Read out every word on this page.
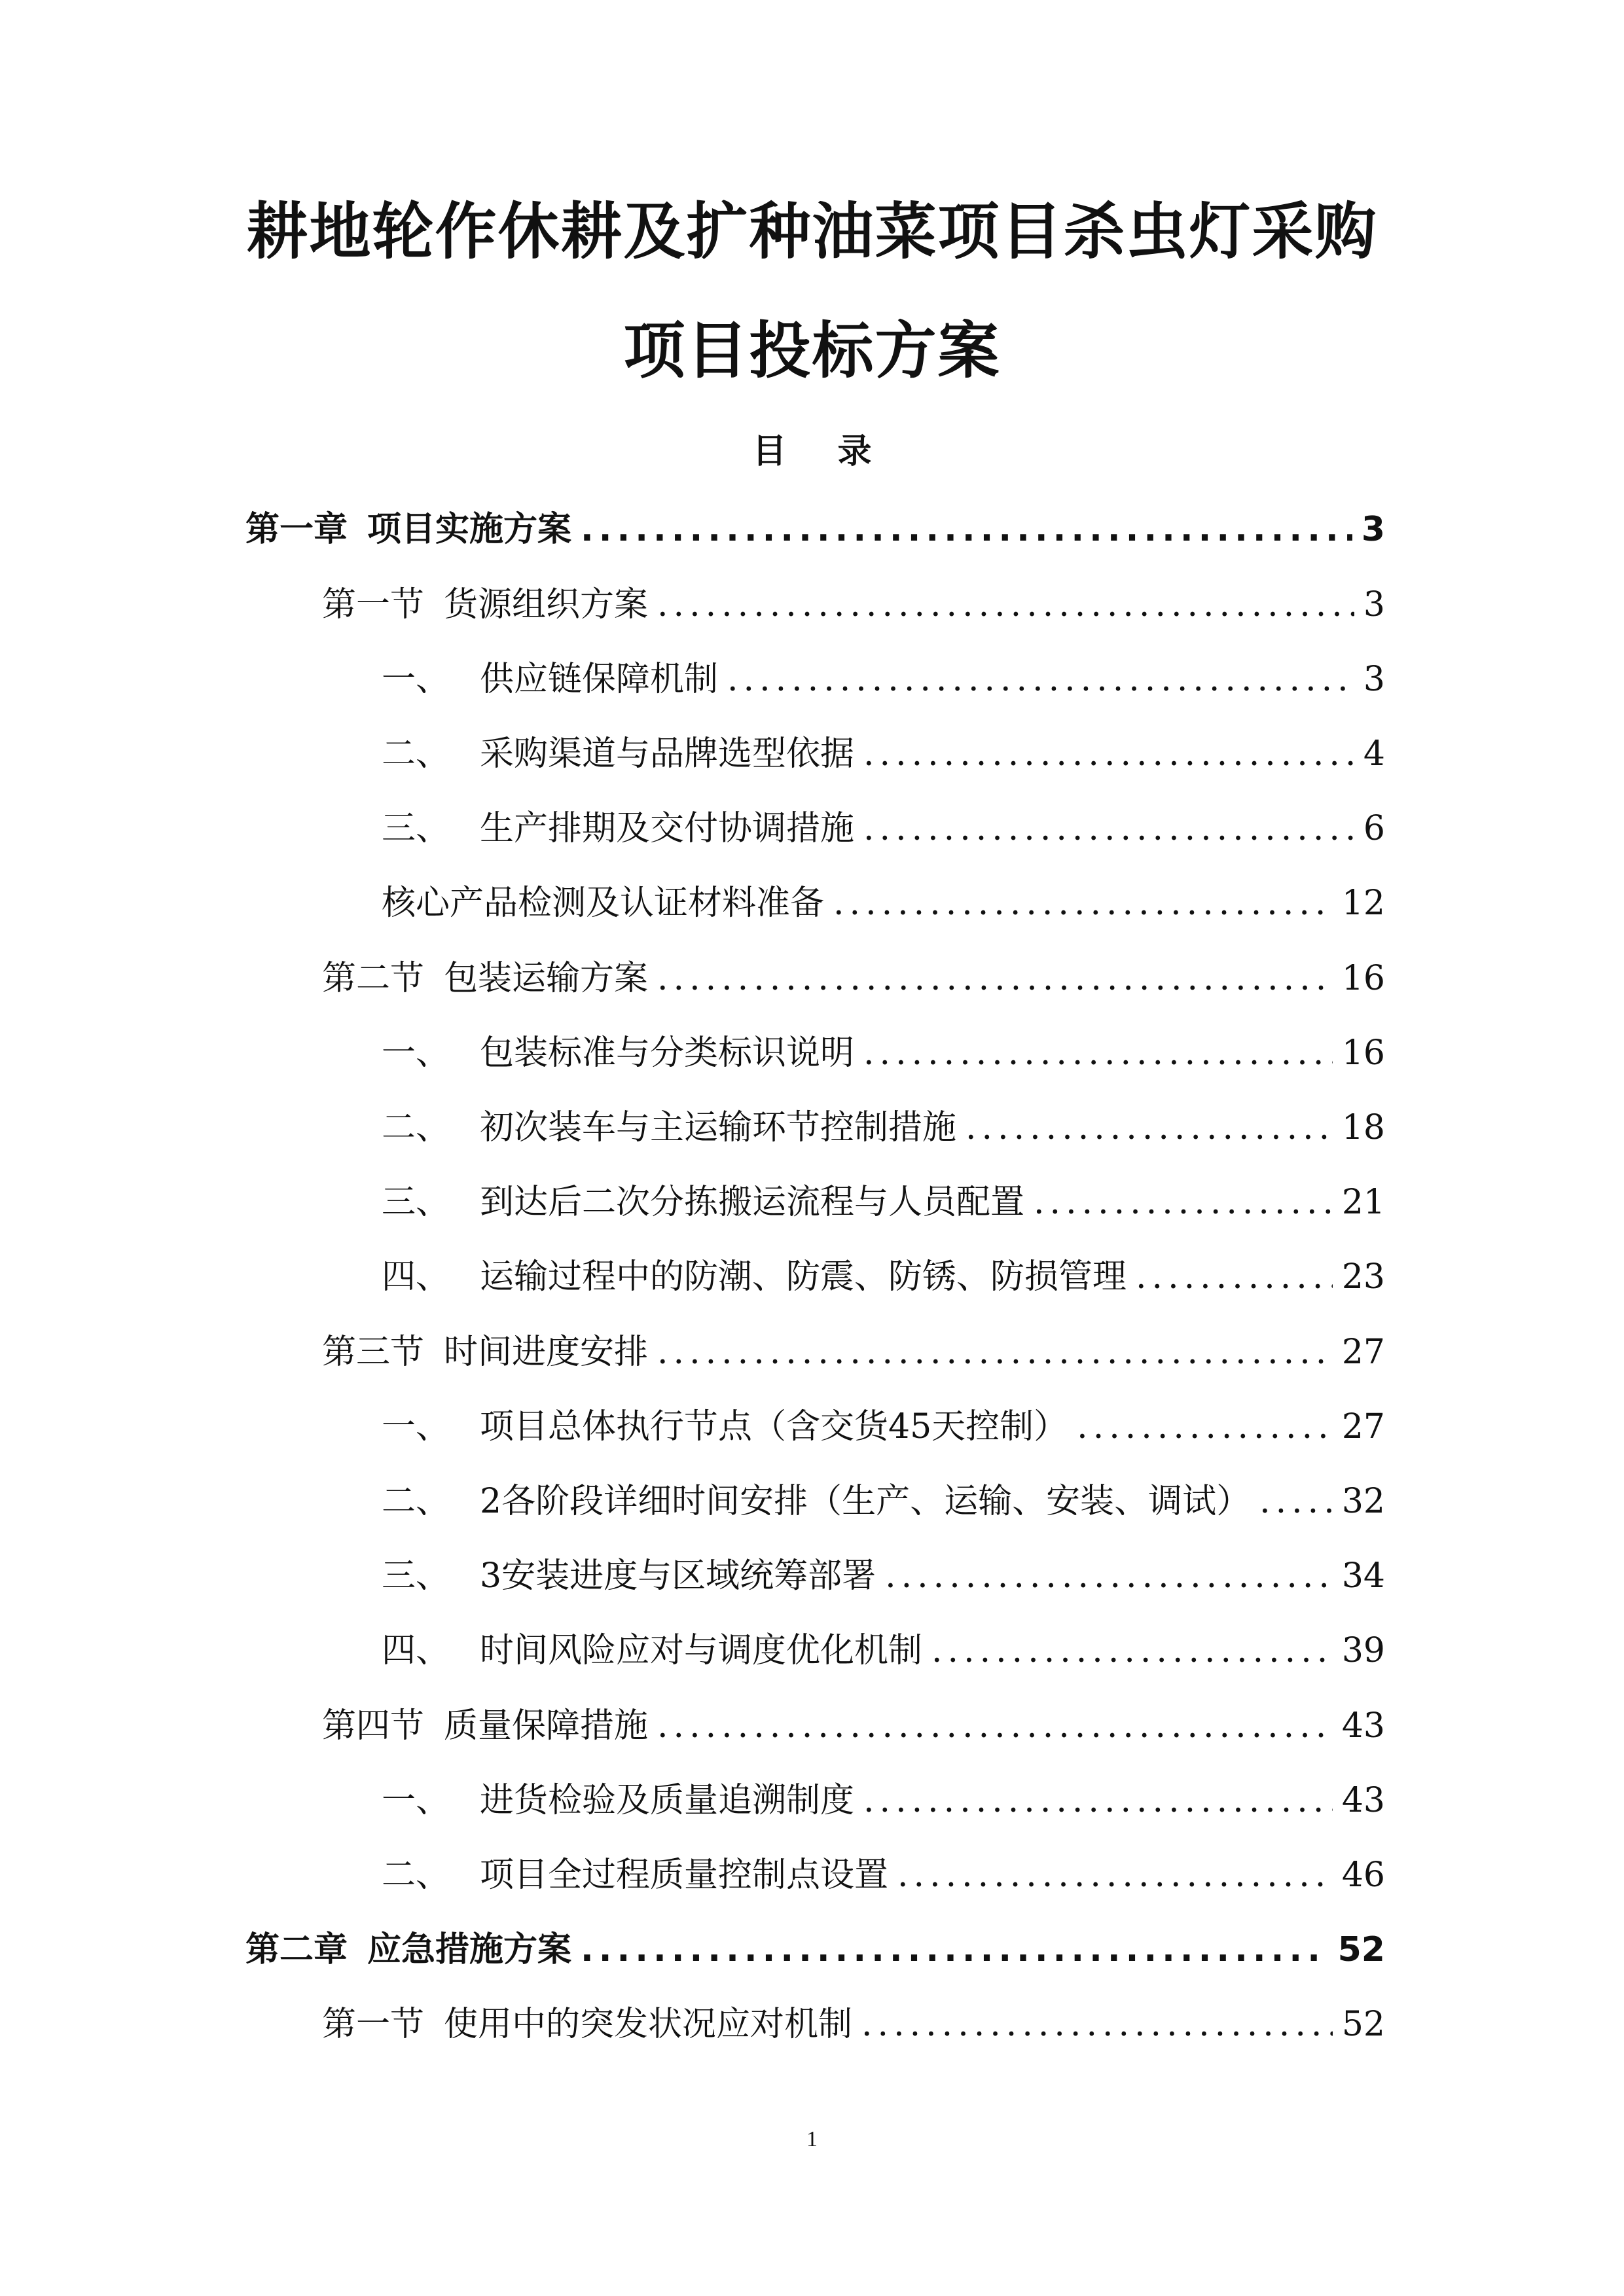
耕地轮作休耕及扩种油菜项目杀虫灯采购
项目投标方案
目 录
第一章 项目实施方案 .....	3
第一节 货源组织方案 .....	3
一、 供应链保障机制 .....	3
二、 采购渠道与品牌选型依据 .....	4
三、 生产排期及交付协调措施 .....	6
核心产品检测及认证材料准备 .....	12
第二节 包装运输方案 .....	16
一、 包装标准与分类标识说明 .....	16
二、 初次装车与主运输环节控制措施 .....	18
三、 到达后二次分拣搬运流程与人员配置 .....	21
四、 运输过程中的防潮、防震、防锈、防损管理 .....	23
第三节 时间进度安排 .....	27
一、 项目总体执行节点（含交货45天控制） .....	27
二、 2各阶段详细时间安排（生产、运输、安装、调试） .....	32
三、 3安装进度与区域统筹部署 .....	34
四、 时间风险应对与调度优化机制 .....	39
第四节 质量保障措施 .....	43
一、 进货检验及质量追溯制度 .....	43
二、 项目全过程质量控制点设置 .....	46
第二章 应急措施方案 .....	52
第一节 使用中的突发状况应对机制 .....	52
1
